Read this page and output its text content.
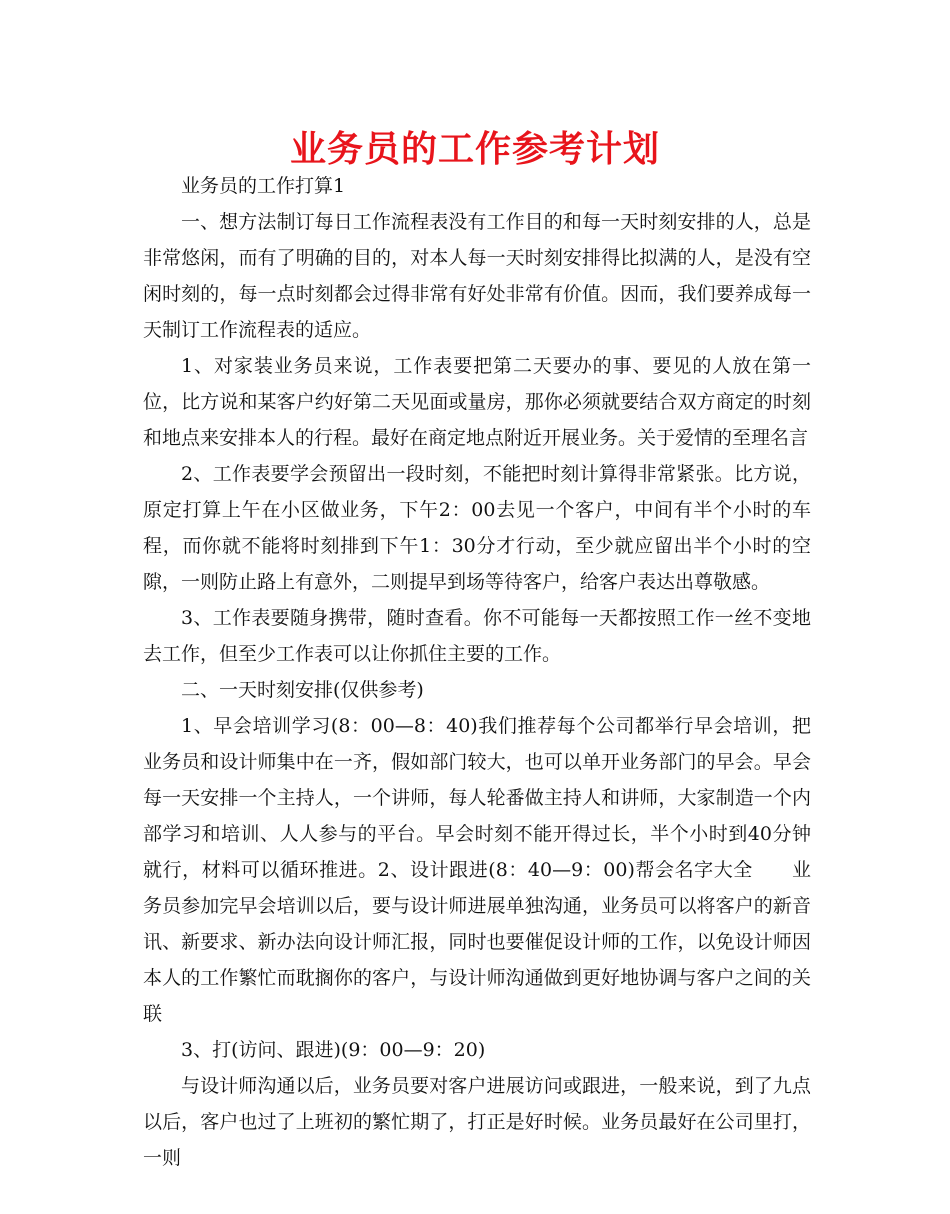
业务员的工作参考计划

业务员的工作打算1

一、想方法制订每日工作流程表没有工作目的和每一天时刻安排的人，总是非常悠闲，而有了明确的目的，对本人每一天时刻安排得比拟满的人，是没有空闲时刻的，每一点时刻都会过得非常有好处非常有价值。因而，我们要养成每一天制订工作流程表的适应。

1、对家装业务员来说，工作表要把第二天要办的事、要见的人放在第一位，比方说和某客户约好第二天见面或量房，那你必须就要结合双方商定的时刻和地点来安排本人的行程。最好在商定地点附近开展业务。关于爱情的至理名言

2、工作表要学会预留出一段时刻，不能把时刻计算得非常紧张。比方说，原定打算上午在小区做业务，下午2：00去见一个客户，中间有半个小时的车程，而你就不能将时刻排到下午1：30分才行动，至少就应留出半个小时的空隙，一则防止路上有意外，二则提早到场等待客户，给客户表达出尊敬感。

3、工作表要随身携带，随时查看。你不可能每一天都按照工作一丝不变地去工作，但至少工作表可以让你抓住主要的工作。

二、一天时刻安排(仅供参考)

1、早会培训学习(8：00—8：40)我们推荐每个公司都举行早会培训，把业务员和设计师集中在一齐，假如部门较大，也可以单开业务部门的早会。早会每一天安排一个主持人，一个讲师，每人轮番做主持人和讲师，大家制造一个内部学习和培训、人人参与的平台。早会时刻不能开得过长，半个小时到40分钟就行，材料可以循环推进。2、设计跟进(8：40—9：00)帮会名字大全　　业务员参加完早会培训以后，要与设计师进展单独沟通，业务员可以将客户的新音讯、新要求、新办法向设计师汇报，同时也要催促设计师的工作，以免设计师因本人的工作繁忙而耽搁你的客户，与设计师沟通做到更好地协调与客户之间的关联

3、打(访问、跟进)(9：00—9：20)

与设计师沟通以后，业务员要对客户进展访问或跟进，一般来说，到了九点以后，客户也过了上班初的繁忙期了，打正是好时候。业务员最好在公司里打，一则
